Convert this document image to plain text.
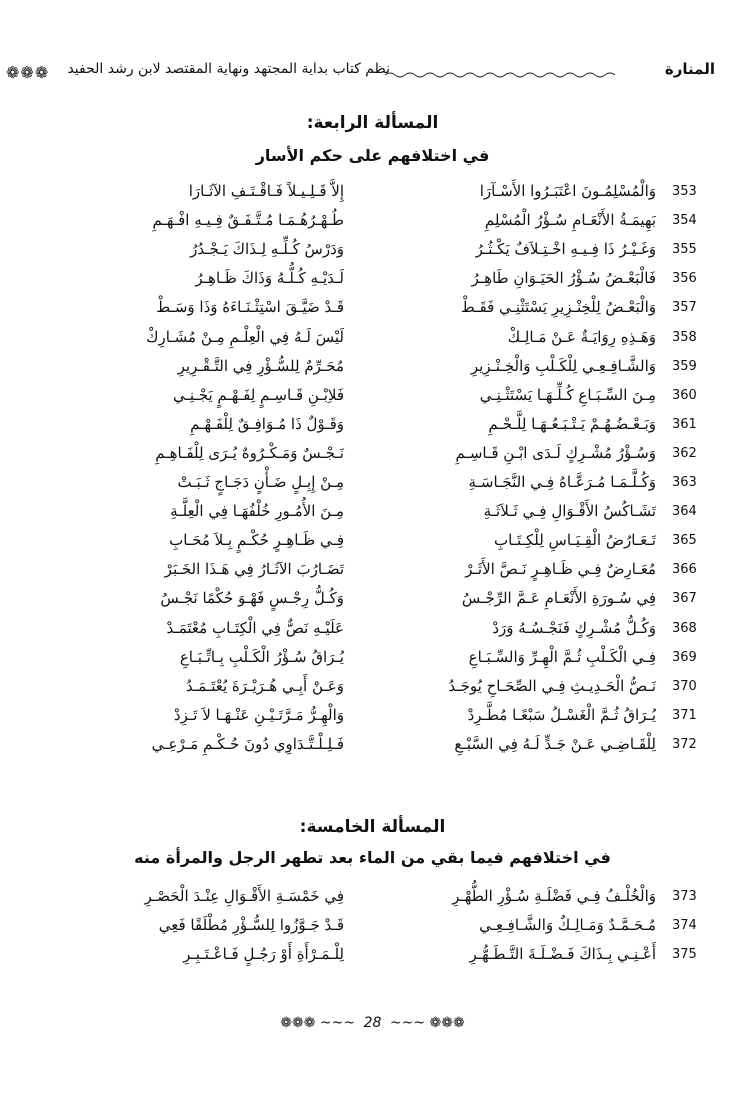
❁❁❁ نظم كتاب بداية المجتهد ونهاية المقتصد لابن رشد الحفيد	المنارة
المسألة الرابعة:
في اختلافهم على حكم الأسار
353
وَالْمُسْلِمُـونَ اعْتَبَـرُوا الأَسْـآرَا
إِلاَّ قَـلِـيـلاً فَـاقْـتَـفِ الآثَـارَا
354
بَهِيمَـةُ الأَنْعَـامِ سُـؤْرُ الْمُسْلِمِ
طُـهْـرُهُـمَـا مُـتَّـفَـقٌ فِـيـهِ افْـهَـمِ
355
وَغَـيْـرُ ذَا فِـيـهِ اخْـتِـلاَفٌ يَكْـثُـرُ
وَدَرْسُ كُـلِّـهِ لِـذَاكَ يَـجْـدُرُ
356
فَالْبَعْـضُ سُـؤْرُ الحَيَـوَانِ طَاهِـرُ
لَـدَيْـهِ كُـلُّـهُ وَذَاكَ ظَـاهِـرُ
357
وَالْبَعْـضُ لِلْخِنْـزِيرِ يَسْتَثْنِـي فَقَـطْ
قَـدْ ضَيَّـقَ اسْتِثْـنَـاءَهُ وَذَا وَسَـطْ
358
وَهَـذِهِ رِوَايَـةٌ عَـنْ مَـالِـكْ
لَيْسَ لَـهُ فِي الْعِلْـمِ مِـنْ مُشَـارِكْ
359
وَالشَّـافِـعِـي لِلْكَـلْبِ وَالْخِـنْـزِيرِ
مُحَـرِّمٌ لِلسُّـؤْرِ فِي التَّـقْـرِيرِ
360
مِـنَ السِّـبَـاعِ كُـلِّـهَـا يَسْتَثْـنِـي
فَلاِبْـنِ قَـاسِـمٍ لِفَـهْـمٍ يَجْـنِـي
361
وَبَـعْـضُـهُـمْ يَـتْـبَـعُـهَـا لِلَّـحْـمِ
وَقَـوْلٌ ذَا مُـوَافِـقٌ لِلْفَـهْـمِ
362
وَسُـؤْرُ مُشْـرِكٍ لَـدَى ابْـنِ قَـاسِـمِ
نَـجْـسٌ وَمَـكْـرُوهٌ يُـرَى لِلْفَـاهِـمِ
363
وَكُـلَّـمَـا مُـرَعَّـاهُ فِـي النَّجَـاسَـةِ
مِـنْ إِبِـلٍ ضَـأْنٍ دَجَـاجٍ ثَـبَـتْ
364
تَشَـاكُسُ الأَقْـوَالِ فِـي ثَـلاَثَـةِ
مِـنَ الأُمُـورِ خُلْفُهَـا فِي الْعِلَّـةِ
365
تَـعَـارُضُ الْقِـيَـاسِ لِلْكِـتَـابِ
فِـي ظَـاهِـرٍ حُكْـمٍ بِـلاَ مُحَـابِ
366
مُعَـارِضٌ فِـي ظَـاهِـرٍ نَـصَّ الأَثَـرْ
تَضَـارُبَ الآثَـارُ فِي هَـذَا الخَـبَرْ
367
فِي سُـورَةِ الأَنْعَـامِ عَـمَّ الرِّجْـسُ
وَكُـلُّ رِجْـسٍ فَهْـوَ حُكْمًا نَجْـسُ
368
وَكُـلُّ مُشْـرِكٍ فَنَجْـسُـهُ وَرَدْ
عَلَيْـهِ نَصٌّ فِي الْكِتَـابِ مُعْتَمَـدْ
369
فِـي الْكَـلْبِ ثُـمَّ الْهِـرِّ وَالسِّـبَـاعِ
يُـرَاقُ سُـؤْرُ الْكَـلْبِ بِـاتِّـبَـاعِ
370
نَـصُّ الْحَـدِيـثِ فِـي الصِّحَـاحِ يُوجَـدُ
وَعَـنْ أَبِـي هُـرَيْـرَةَ يُعْتَـمَـدُ
371
يُـرَاقُ ثُـمَّ الْغَسْـلُ سَبْعًـا مُطَّـرِدْ
وَالْهِـرُّ مَـرَّتَـيْـنِ عَنْـهَـا لاَ تَـزِدْ
372
لِلْقَـاضِـي عَـنْ جَـدٍّ لَـهُ فِي السَّبْـعِ
فَـلِـلْـتَّـدَاوِي دُونَ حُـكْـمِ مَـرْعِـي
المسألة الخامسة:
في اختلافهم فيما بقي من الماء بعد تطهر الرجل والمرأة منه
373
وَالْخُلْـفُ فِـي فَضْلَـةِ سُـؤْرِ الطُّهْـرِ
فِي خَمْسَـةِ الأَقْـوَالِ عِنْـدَ الْحَصْـرِ
374
مُـحَـمَّـدٌ وَمَـالِـكٌ وَالشَّـافِـعِـي
قَـدْ جَـوَّزُوا لِلسُّـؤْرِ مُطْلَقًا فَعِي
375
أَعْـنِـي بِـذَاكَ فَـضْـلَـةَ التَّـطَـهُّـرِ
لِلْـمَـرْأَةِ أَوْ رَجُـلٍ فَـاعْـتَـبِـرِ
❁❁❁ ~~~ 28 ~~~ ❁❁❁
